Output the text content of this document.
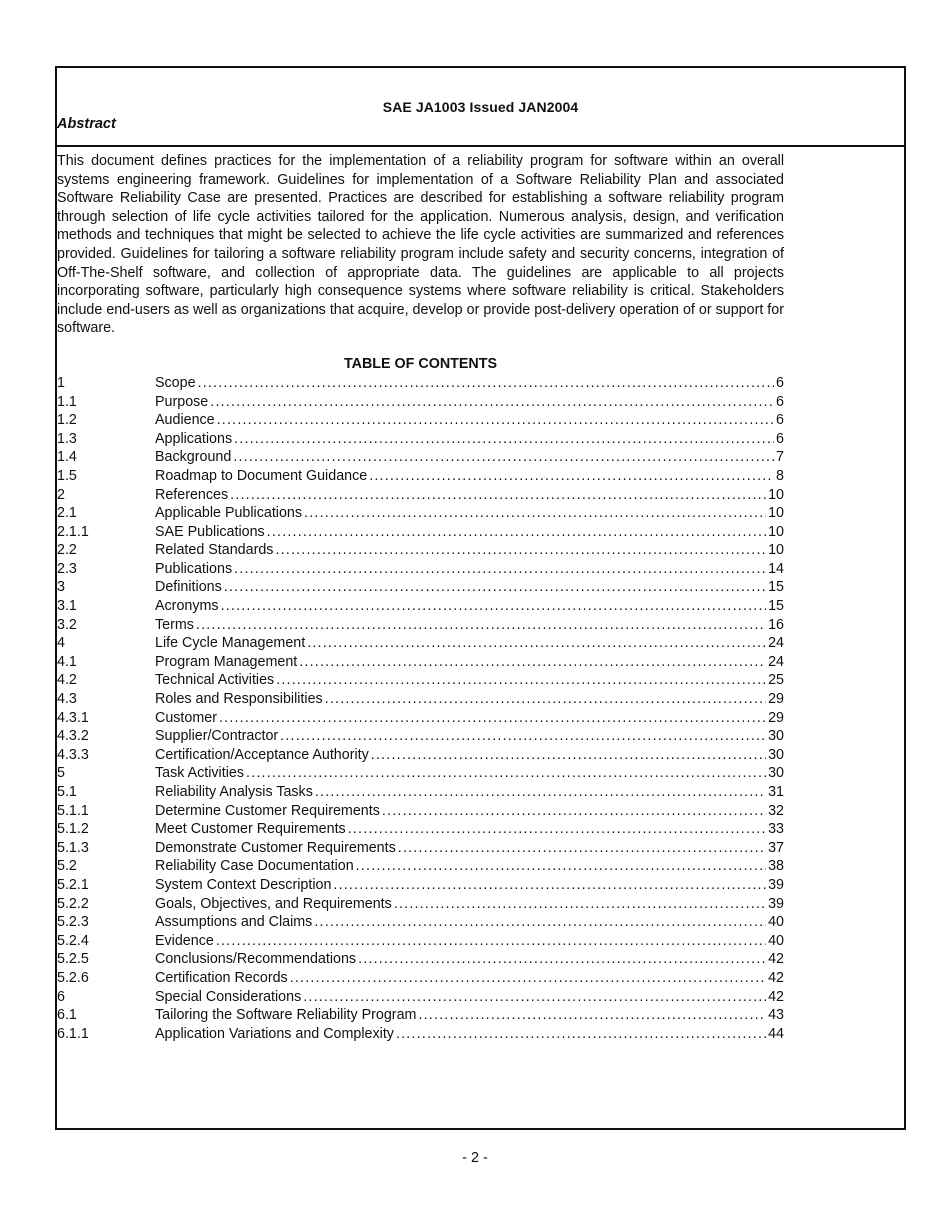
SAE JA1003 Issued JAN2004

Abstract

This document defines practices for the implementation of a reliability program for software within an overall systems engineering framework. Guidelines for implementation of a Software Reliability Plan and associated Software Reliability Case are presented. Practices are described for establishing a software reliability program through selection of life cycle activities tailored for the application. Numerous analysis, design, and verification methods and techniques that might be selected to achieve the life cycle activities are summarized and references provided. Guidelines for tailoring a software reliability program include safety and security concerns, integration of Off-The-Shelf software, and collection of appropriate data. The guidelines are applicable to all projects incorporating software, particularly high consequence systems where software reliability is critical. Stakeholders include end-users as well as organizations that acquire, develop or provide post-delivery operation of or support for software.

TABLE OF CONTENTS
1	Scope .....	6
1.1	Purpose .....	6
1.2	Audience .....	6
1.3	Applications .....	6
1.4	Background .....	7
1.5	Roadmap to Document Guidance .....	8
2	References .....	10
2.1	Applicable Publications .....	10
2.1.1	SAE Publications .....	10
2.2	Related Standards .....	10
2.3	Publications .....	14
3	Definitions .....	15
3.1	Acronyms .....	15
3.2	Terms .....	16
4	Life Cycle Management .....	24
4.1	Program Management .....	24
4.2	Technical Activities .....	25
4.3	Roles and Responsibilities .....	29
4.3.1	Customer .....	29
4.3.2	Supplier/Contractor .....	30
4.3.3	Certification/Acceptance Authority .....	30
5	Task Activities .....	30
5.1	Reliability Analysis Tasks .....	31
5.1.1	Determine Customer Requirements .....	32
5.1.2	Meet Customer Requirements .....	33
5.1.3	Demonstrate Customer Requirements .....	37
5.2	Reliability Case Documentation .....	38
5.2.1	System Context Description .....	39
5.2.2	Goals, Objectives, and Requirements .....	39
5.2.3	Assumptions and Claims .....	40
5.2.4	Evidence .....	40
5.2.5	Conclusions/Recommendations .....	42
5.2.6	Certification Records .....	42
6	Special Considerations .....	42
6.1	Tailoring the Software Reliability Program .....	43
6.1.1	Application Variations and Complexity .....	44
- 2 -
